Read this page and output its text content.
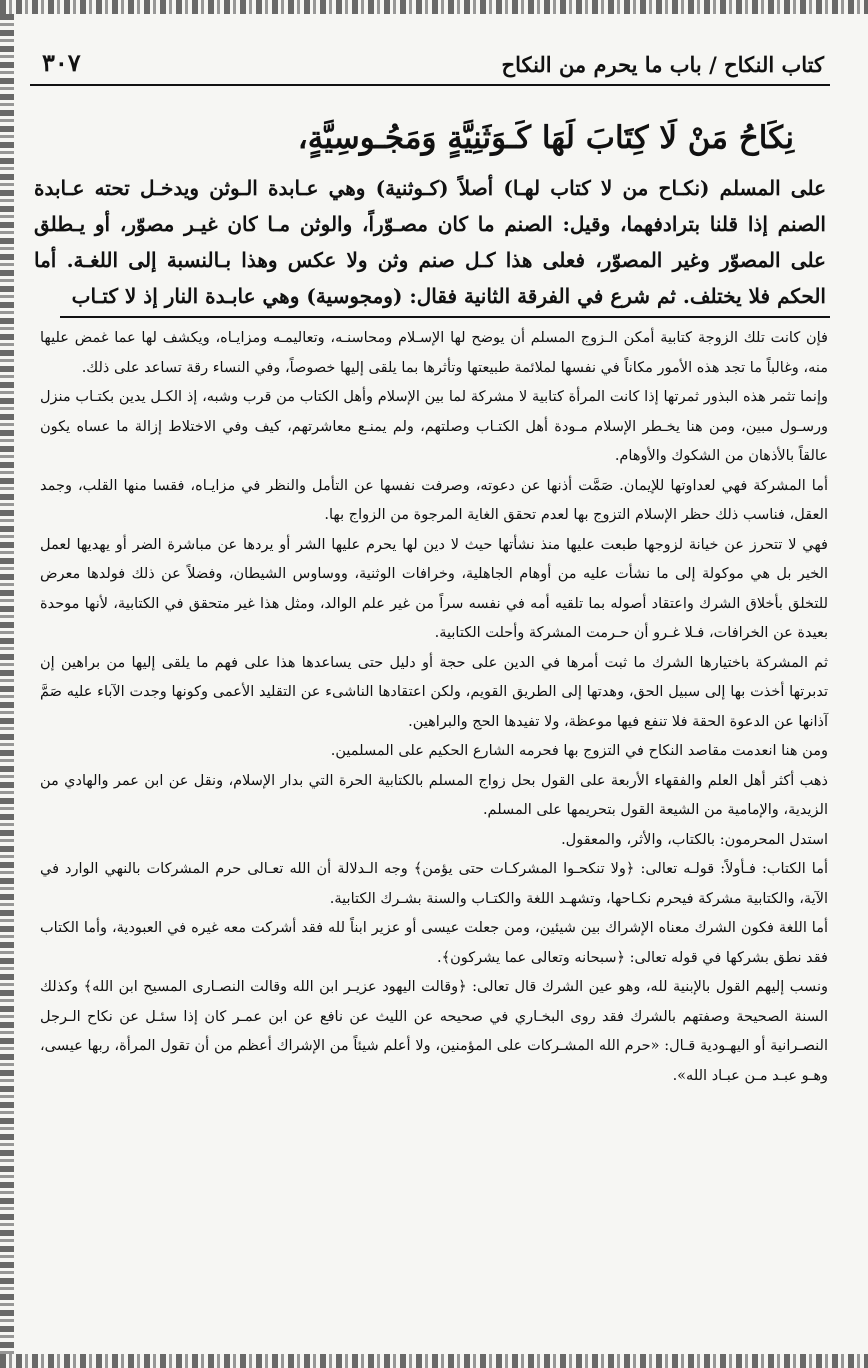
كتاب النكاح / باب ما يحرم من النكاح
٣٠٧
نِكَاحُ مَنْ لَا كِتَابَ لَهَا كَـوَثَنِيَّةٍ وَمَجُـوسِيَّةٍ،
على المسلم (نكـاح من لا كتاب لهـا) أصلاً (كـوثنية) وهي عـابدة الـوثن ويدخـل تحته عـابدة الصنم إذا قلنا بترادفهما، وقيل: الصنم ما كان مصـوّراً، والوثن مـا كان غيـر مصوّر، أو يـطلق على المصوّر وغير المصوّر، فعلى هذا كـل صنم وثن ولا عكس وهذا بـالنسبة إلى اللغـة. أما الحكم فلا يختلف. ثم شرع في الفرقة الثانية فقال: (ومجوسية) وهي عابـدة النار إذ لا كتـاب

فإن كانت تلك الزوجة كتابية أمكن الـزوج المسلم أن يوضح لها الإسـلام ومحاسنـه، وتعاليمـه ومزايـاه، ويكشف لها عما غمض عليها منه، وغالباً ما تجد هذه الأمور مكاناً في نفسها لملائمة طبيعتها وتأثرها بما يلقى إليها خصوصاً، وفي النساء رقة تساعد على ذلك.

وإنما تثمر هذه البذور ثمرتها إذا كانت المرأة كتابية لا مشركة لما بين الإسلام وأهل الكتاب من قرب وشبه، إذ الكـل يدين بكتـاب منزل ورسـول مبين، ومن هنا يخـطر الإسلام مـودة أهل الكتـاب وصلتهم، ولم يمنـع معاشرتهم، كيف وفي الاختلاط إزالة ما عساه يكون عالقاً بالأذهان من الشكوك والأوهام.

أما المشركة فهي لعداوتها للإيمان. صَمَّت أذنها عن دعوته، وصرفت نفسها عن التأمل والنظر في مزايـاه، فقسا منها القلب، وجمد العقل، فناسب ذلك حظر الإسلام التزوج بها لعدم تحقق الغاية المرجوة من الزواج بها.

فهي لا تتحرز عن خيانة لزوجها طبعت عليها منذ نشأتها حيث لا دين لها يحرم عليها الشر أو يردها عن مباشرة الضر أو يهديها لعمل الخير بل هي موكولة إلى ما نشأت عليه من أوهام الجاهلية، وخرافات الوثنية، ووساوس الشيطان، وفضلاً عن ذلك فولدها معرض للتخلق بأخلاق الشرك واعتقاد أصوله بما تلقيه أمه في نفسه سراً من غير علم الوالد، ومثل هذا غير متحقق في الكتابية، لأنها موحدة بعيدة عن الخرافات، فـلا غـرو أن حـرمت المشركة وأحلت الكتابية.

ثم المشركة باختيارها الشرك ما ثبت أمرها في الدين على حجة أو دليل حتى يساعدها هذا على فهم ما يلقى إليها من براهين إن تدبرتها أخذت بها إلى سبيل الحق، وهدتها إلى الطريق القويم، ولكن اعتقادها الناشىء عن التقليد الأعمى وكونها وجدت الآباء عليه صَمَّ آذانها عن الدعوة الحقة فلا تنفع فيها موعظة، ولا تفيدها الحج والبراهين.

ومن هنا انعدمت مقاصد النكاح في التزوج بها فحرمه الشارع الحكيم على المسلمين.

ذهب أكثر أهل العلم والفقهاء الأربعة على القول بحل زواج المسلم بالكتابية الحرة التي بدار الإسلام، ونقل عن ابن عمر والهادي من الزيدية، والإمامية من الشيعة القول بتحريمها على المسلم.

استدل المحرمون: بالكتاب، والأثر، والمعقول.

أما الكتاب: فـأولاً: قولـه تعالى: ﴿ولا تنكحـوا المشركـات حتى يؤمن﴾ وجه الـدلالة أن الله تعـالى حرم المشركات بالنهي الوارد في الآية، والكتابية مشركة فيحرم نكـاحها، وتشهـد اللغة والكتـاب والسنة بشـرك الكتابية.

أما اللغة فكون الشرك معناه الإشراك بين شيئين، ومن جعلت عيسى أو عزير ابناً لله فقد أشركت معه غيره في العبودية، وأما الكتاب فقد نطق بشركها في قوله تعالى: ﴿سبحانه وتعالى عما يشركون﴾.

ونسب إليهم القول بالإبنية لله، وهو عين الشرك قال تعالى: ﴿وقالت اليهود عزيـر ابن الله وقالت النصـارى المسيح ابن الله﴾ وكذلك السنة الصحيحة وصفتهم بالشرك فقد روى البخـاري في صحيحه عن الليث عن نافع عن ابن عمـر كان إذا سئـل عن نكاح الـرجل النصـرانية أو اليهـودية قـال: «حرم الله المشـركات على المؤمنين، ولا أعلم شيئاً من الإشراك أعظم من أن تقول المرأة، ربها عيسى، وهـو عبـد مـن عبـاد الله».
